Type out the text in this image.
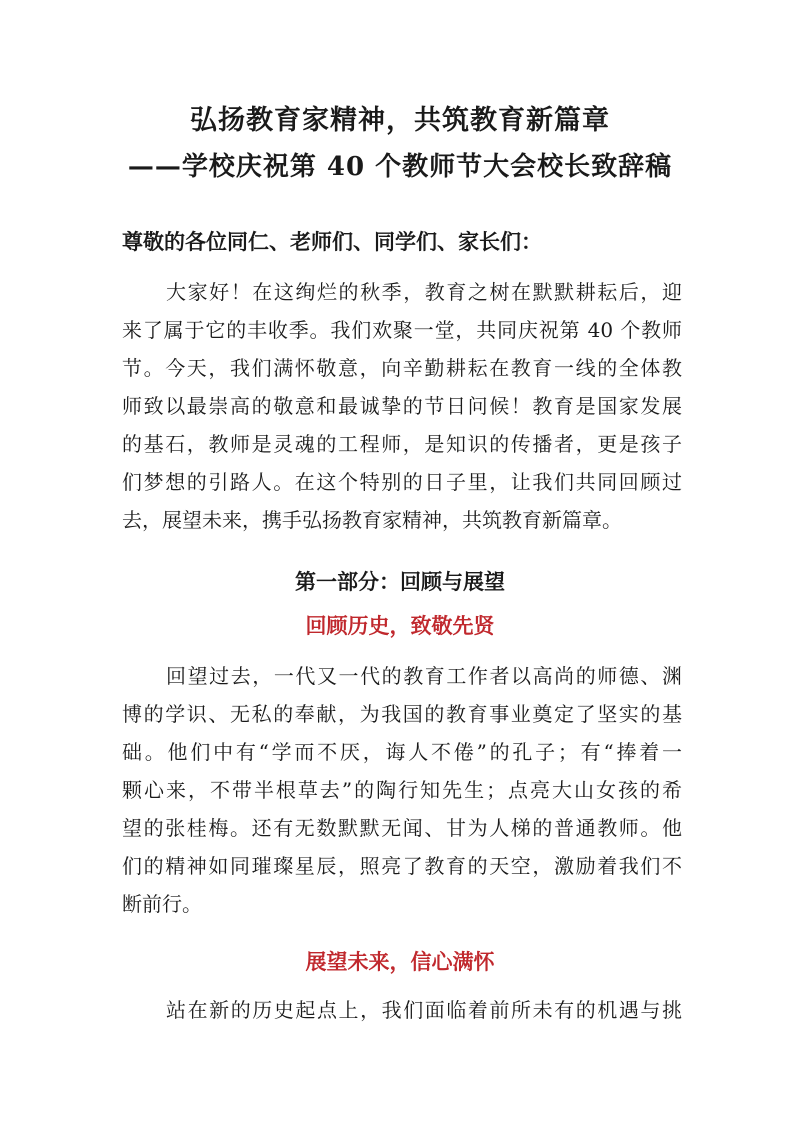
弘扬教育家精神，共筑教育新篇章
——学校庆祝第 40 个教师节大会校长致辞稿

尊敬的各位同仁、老师们、同学们、家长们：

大家好！在这绚烂的秋季，教育之树在默默耕耘后，迎

来了属于它的丰收季。我们欢聚一堂，共同庆祝第 40 个教师

节。今天，我们满怀敬意，向辛勤耕耘在教育一线的全体教

师致以最崇高的敬意和最诚挚的节日问候！教育是国家发展

的基石，教师是灵魂的工程师，是知识的传播者，更是孩子

们梦想的引路人。在这个特别的日子里，让我们共同回顾过

去，展望未来，携手弘扬教育家精神，共筑教育新篇章。

第一部分：回顾与展望
回顾历史，致敬先贤

回望过去，一代又一代的教育工作者以高尚的师德、渊

博的学识、无私的奉献，为我国的教育事业奠定了坚实的基

础。他们中有“学而不厌，诲人不倦”的孔子；有“捧着一

颗心来，不带半根草去”的陶行知先生；点亮大山女孩的希

望的张桂梅。还有无数默默无闻、甘为人梯的普通教师。他

们的精神如同璀璨星辰，照亮了教育的天空，激励着我们不

断前行。

展望未来，信心满怀

站在新的历史起点上，我们面临着前所未有的机遇与挑
